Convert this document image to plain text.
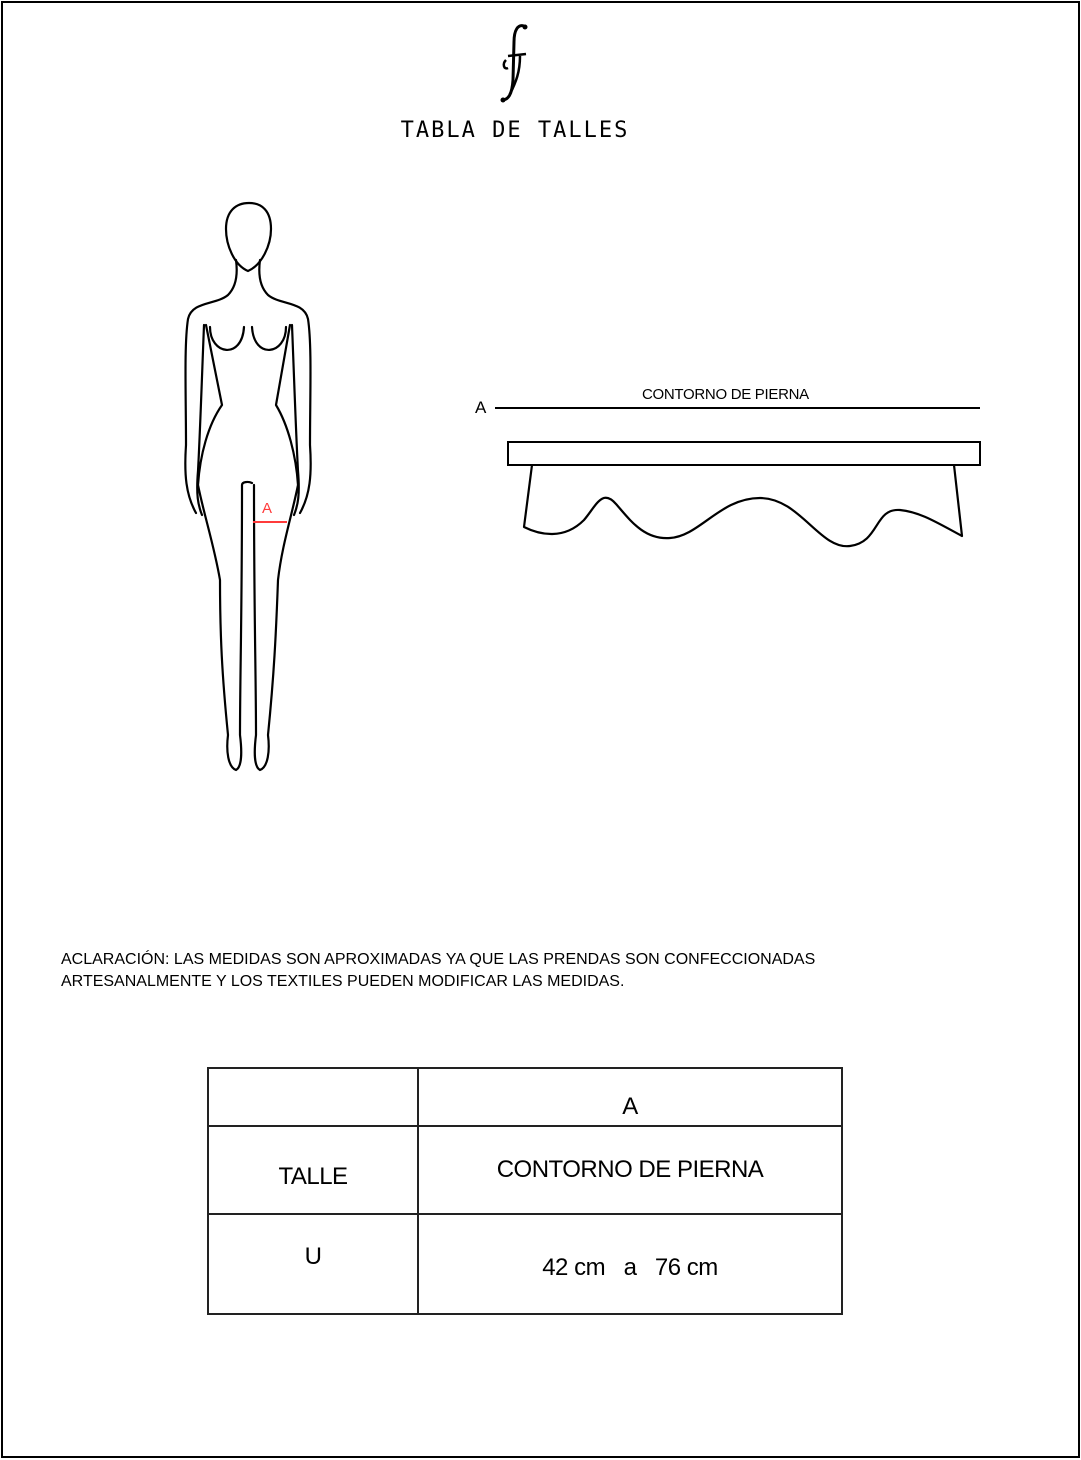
TABLA DE TALLES
A
A
CONTORNO DE PIERNA
ACLARACIÓN: LAS MEDIDAS SON APROXIMADAS YA QUE LAS PRENDAS SON CONFECCIONADAS
ARTESANALMENTE Y LOS TEXTILES PUEDEN MODIFICAR LAS MEDIDAS.
	A
TALLE	CONTORNO DE PIERNA
U	42 cm   a   76 cm
